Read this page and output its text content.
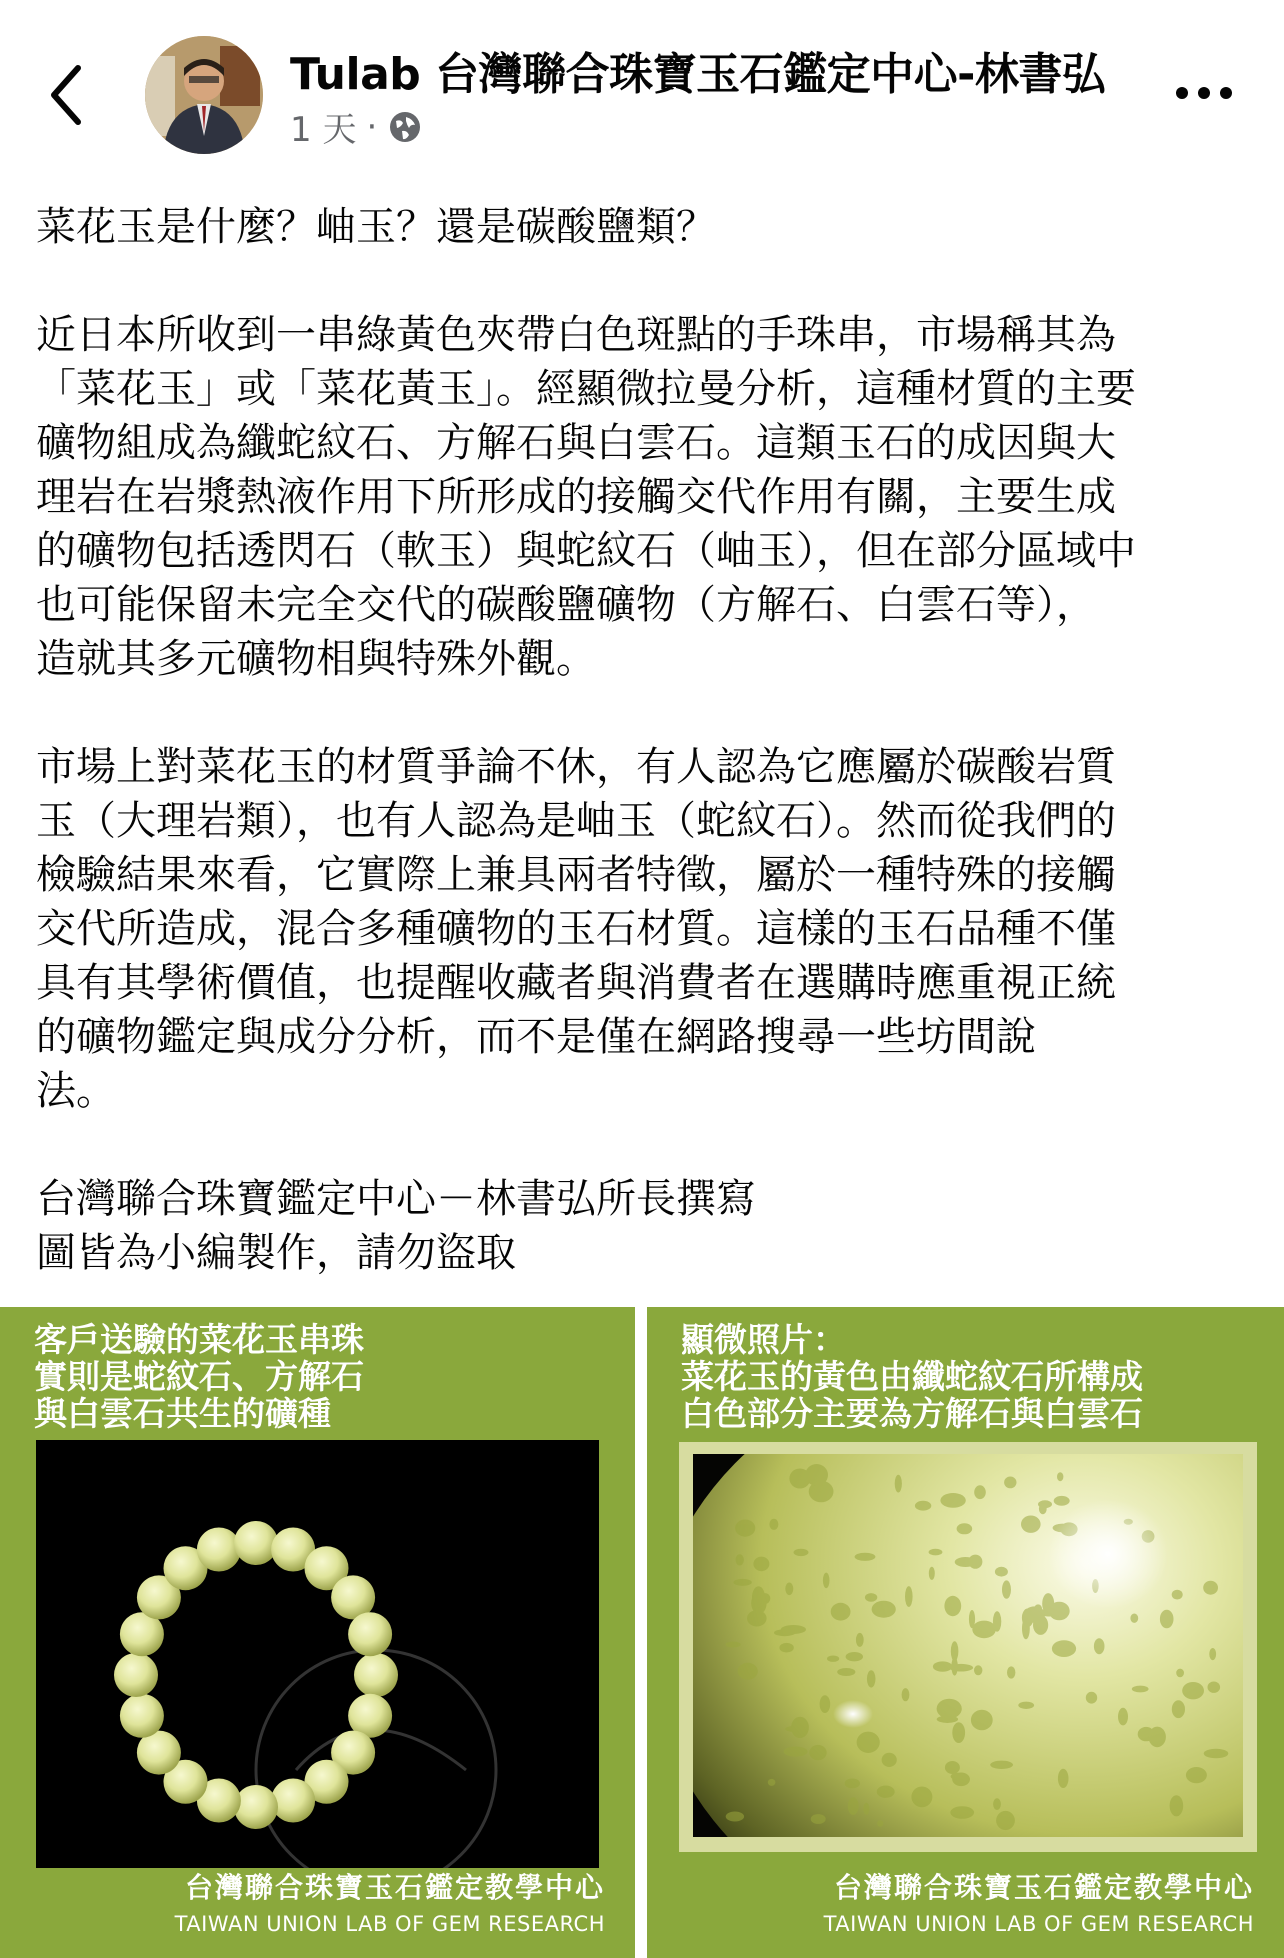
Tulab 台灣聯合珠寶玉石鑑定中心-林書弘
1 天 ·

菜花玉是什麼？岫玉？還是碳酸鹽類？

近日本所收到一串綠黃色夾帶白色斑點的手珠串，市場稱其為
「菜花玉」或「菜花黃玉」。經顯微拉曼分析，這種材質的主要
礦物組成為纖蛇紋石、方解石與白雲石。這類玉石的成因與大
理岩在岩漿熱液作用下所形成的接觸交代作用有關，主要生成
的礦物包括透閃石（軟玉）與蛇紋石（岫玉），但在部分區域中
也可能保留未完全交代的碳酸鹽礦物（方解石、白雲石等），
造就其多元礦物相與特殊外觀。

市場上對菜花玉的材質爭論不休，有人認為它應屬於碳酸岩質
玉（大理岩類），也有人認為是岫玉（蛇紋石）。然而從我們的
檢驗結果來看，它實際上兼具兩者特徵，屬於一種特殊的接觸
交代所造成，混合多種礦物的玉石材質。這樣的玉石品種不僅
具有其學術價值，也提醒收藏者與消費者在選購時應重視正統
的礦物鑑定與成分分析，而不是僅在網路搜尋一些坊間說
法。

台灣聯合珠寶鑑定中心－林書弘所長撰寫
圖皆為小編製作，請勿盜取

客戶送驗的菜花玉串珠
實則是蛇紋石、方解石
與白雲石共生的礦種
台灣聯合珠寶玉石鑑定教學中心
TAIWAN UNION LAB OF GEM RESEARCH
顯微照片：
菜花玉的黃色由纖蛇紋石所構成
白色部分主要為方解石與白雲石
台灣聯合珠寶玉石鑑定教學中心
TAIWAN UNION LAB OF GEM RESEARCH
